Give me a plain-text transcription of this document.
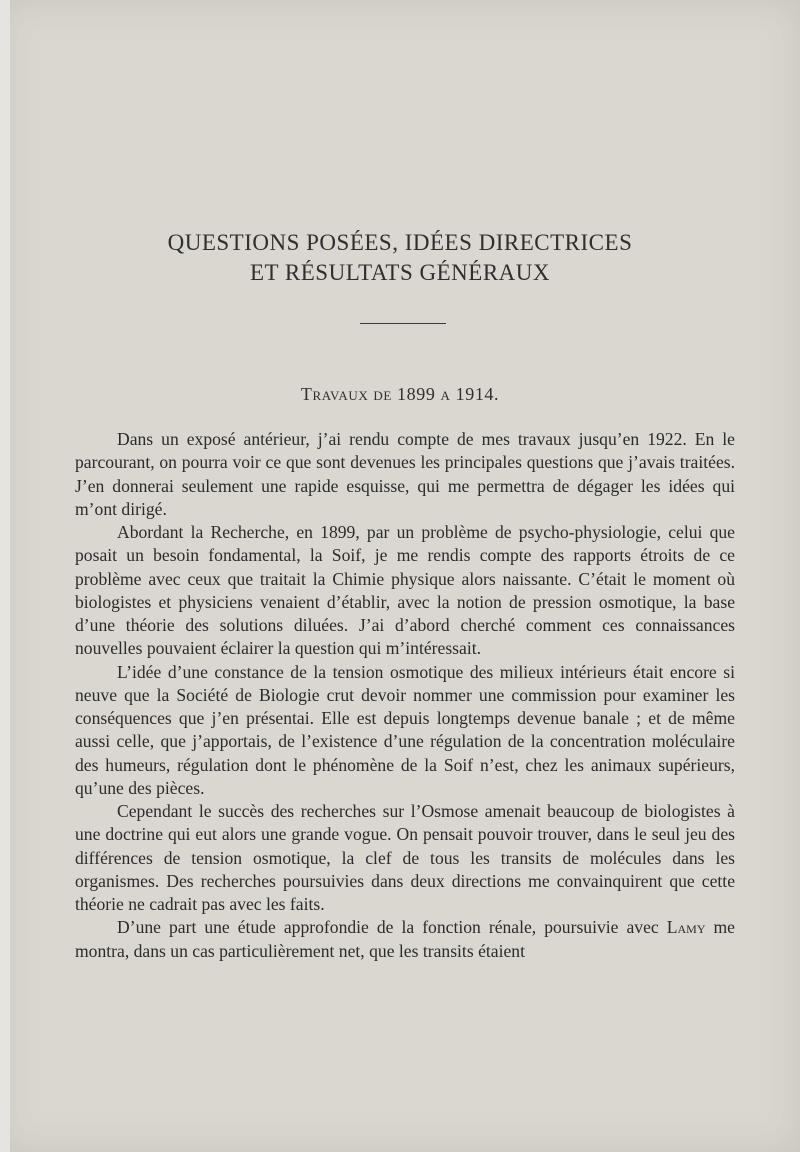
QUESTIONS POSÉES, IDÉES DIRECTRICES
ET RÉSULTATS GÉNÉRAUX
Travaux de 1899 a 1914.

Dans un exposé antérieur, j’ai rendu compte de mes travaux jusqu’en 1922. En le parcourant, on pourra voir ce que sont devenues les principales questions que j’avais traitées. J’en donnerai seulement une rapide esquisse, qui me permettra de dégager les idées qui m’ont dirigé.

Abordant la Recherche, en 1899, par un problème de psycho-physiologie, celui que posait un besoin fondamental, la Soif, je me rendis compte des rapports étroits de ce problème avec ceux que traitait la Chimie physique alors naissante. C’était le moment où biologistes et physiciens venaient d’établir, avec la notion de pression osmotique, la base d’une théorie des solutions diluées. J’ai d’abord cherché comment ces connaissances nouvelles pouvaient éclairer la question qui m’intéressait.

L’idée d’une constance de la tension osmotique des milieux intérieurs était encore si neuve que la Société de Biologie crut devoir nommer une commission pour examiner les conséquences que j’en présentai. Elle est depuis longtemps devenue banale ; et de même aussi celle, que j’apportais, de l’existence d’une régulation de la concentration moléculaire des humeurs, régulation dont le phénomène de la Soif n’est, chez les animaux supérieurs, qu’une des pièces.

Cependant le succès des recherches sur l’Osmose amenait beaucoup de biologistes à une doctrine qui eut alors une grande vogue. On pensait pouvoir trouver, dans le seul jeu des différences de tension osmotique, la clef de tous les transits de molécules dans les organismes. Des recherches poursuivies dans deux directions me convainquirent que cette théorie ne cadrait pas avec les faits.

D’une part une étude approfondie de la fonction rénale, poursuivie avec Lamy me montra, dans un cas particulièrement net, que les transits étaient
